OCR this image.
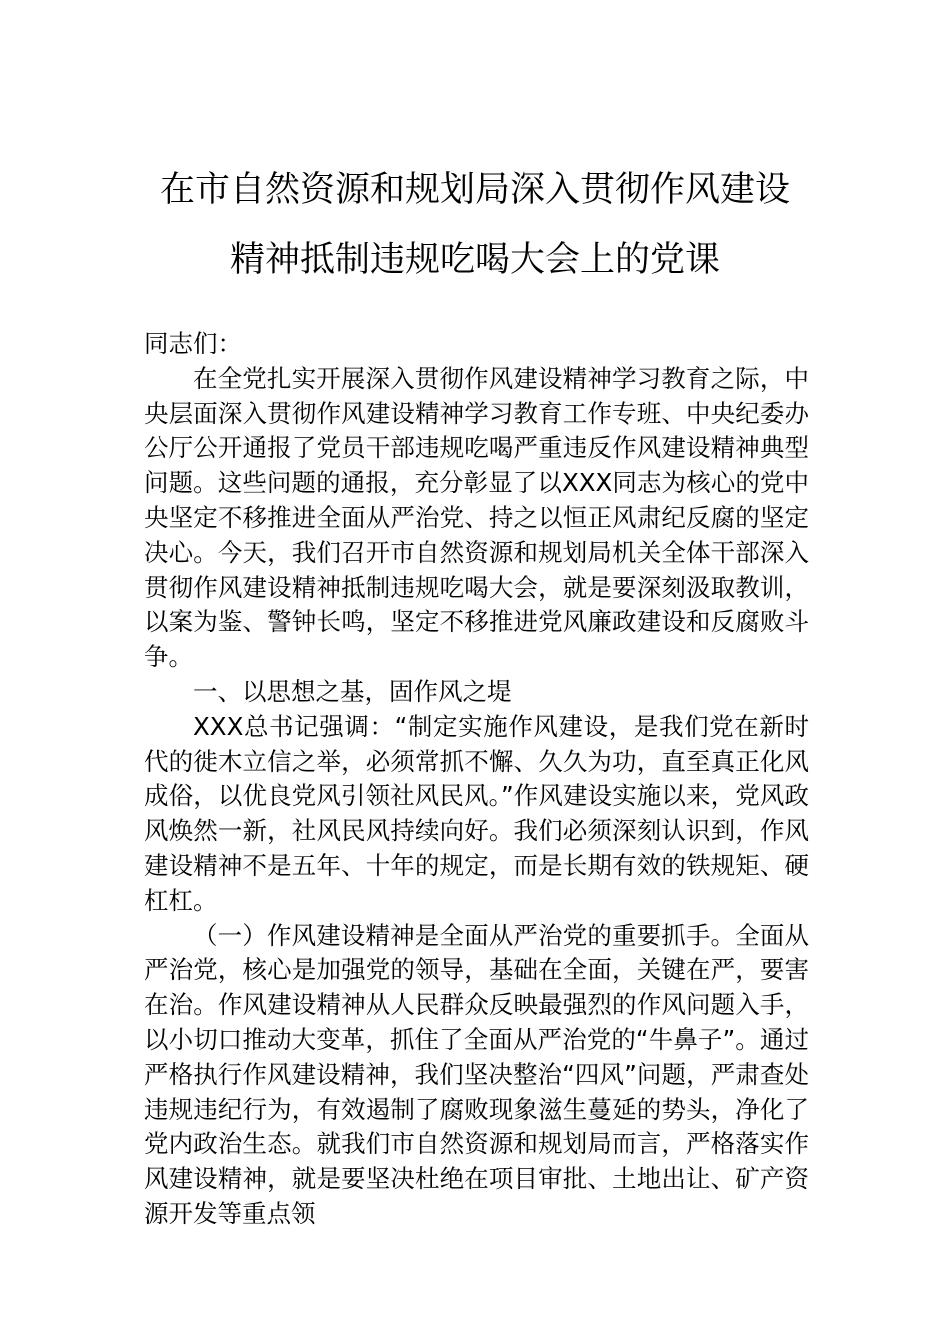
在市自然资源和规划局深入贯彻作风建设
精神抵制违规吃喝大会上的党课

同志们：

在全党扎实开展深入贯彻作风建设精神学习教育之际，中央层面深入贯彻作风建设精神学习教育工作专班、中央纪委办公厅公开通报了党员干部违规吃喝严重违反作风建设精神典型问题。这些问题的通报，充分彰显了以XXX同志为核心的党中央坚定不移推进全面从严治党、持之以恒正风肃纪反腐的坚定决心。今天，我们召开市自然资源和规划局机关全体干部深入贯彻作风建设精神抵制违规吃喝大会，就是要深刻汲取教训，以案为鉴、警钟长鸣，坚定不移推进党风廉政建设和反腐败斗争。

一、以思想之基，固作风之堤

XXX总书记强调：“制定实施作风建设，是我们党在新时代的徙木立信之举，必须常抓不懈、久久为功，直至真正化风成俗，以优良党风引领社风民风。”作风建设实施以来，党风政风焕然一新，社风民风持续向好。我们必须深刻认识到，作风建设精神不是五年、十年的规定，而是长期有效的铁规矩、硬杠杠。

（一）作风建设精神是全面从严治党的重要抓手。全面从严治党，核心是加强党的领导，基础在全面，关键在严，要害在治。作风建设精神从人民群众反映最强烈的作风问题入手，以小切口推动大变革，抓住了全面从严治党的“牛鼻子”。通过严格执行作风建设精神，我们坚决整治“四风”问题，严肃查处违规违纪行为，有效遏制了腐败现象滋生蔓延的势头，净化了党内政治生态。就我们市自然资源和规划局而言，严格落实作风建设精神，就是要坚决杜绝在项目审批、土地出让、矿产资源开发等重点领
